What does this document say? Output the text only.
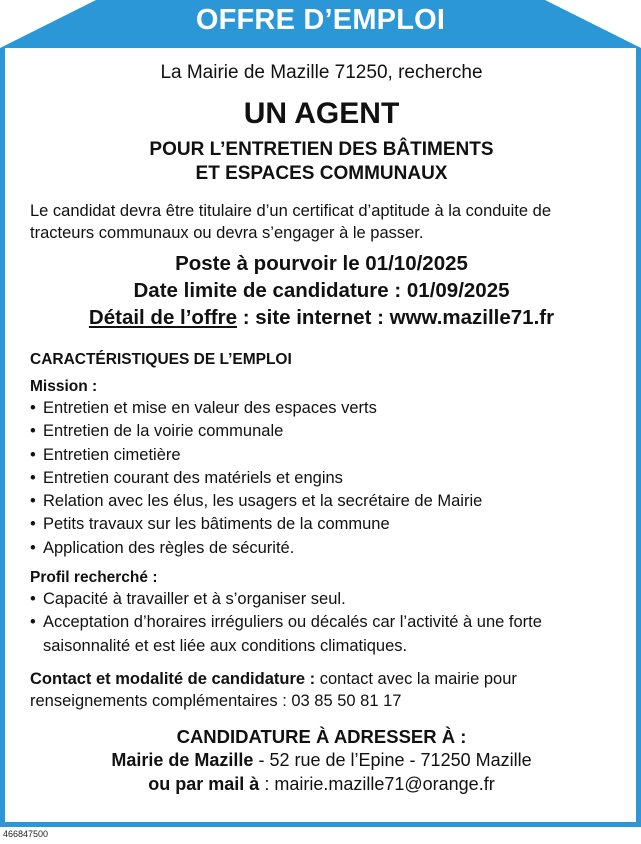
OFFRE D’EMPLOI
La Mairie de Mazille 71250, recherche
UN AGENT
POUR L’ENTRETIEN DES BÂTIMENTS
ET ESPACES COMMUNAUX
Le candidat devra être titulaire d’un certificat d’aptitude à la conduite de tracteurs communaux ou devra s’engager à le passer.
Poste à pourvoir le 01/10/2025
Date limite de candidature : 01/09/2025
Détail de l’offre : site internet : www.mazille71.fr
CARACTÉRISTIQUES DE L’EMPLOI
Mission :
• Entretien et mise en valeur des espaces verts
• Entretien de la voirie communale
• Entretien cimetière
• Entretien courant des matériels et engins
• Relation avec les élus, les usagers et la secrétaire de Mairie
• Petits travaux sur les bâtiments de la commune
• Application des règles de sécurité.
Profil recherché :
• Capacité à travailler et à s’organiser seul.
• Acceptation d’horaires irréguliers ou décalés car l’activité à une forte saisonnalité et est liée aux conditions climatiques.
Contact et modalité de candidature : contact avec la mairie pour renseignements complémentaires : 03 85 50 81 17
CANDIDATURE À ADRESSER À :
Mairie de Mazille - 52 rue de l’Epine - 71250 Mazille
ou par mail à : mairie.mazille71@orange.fr
466847500
